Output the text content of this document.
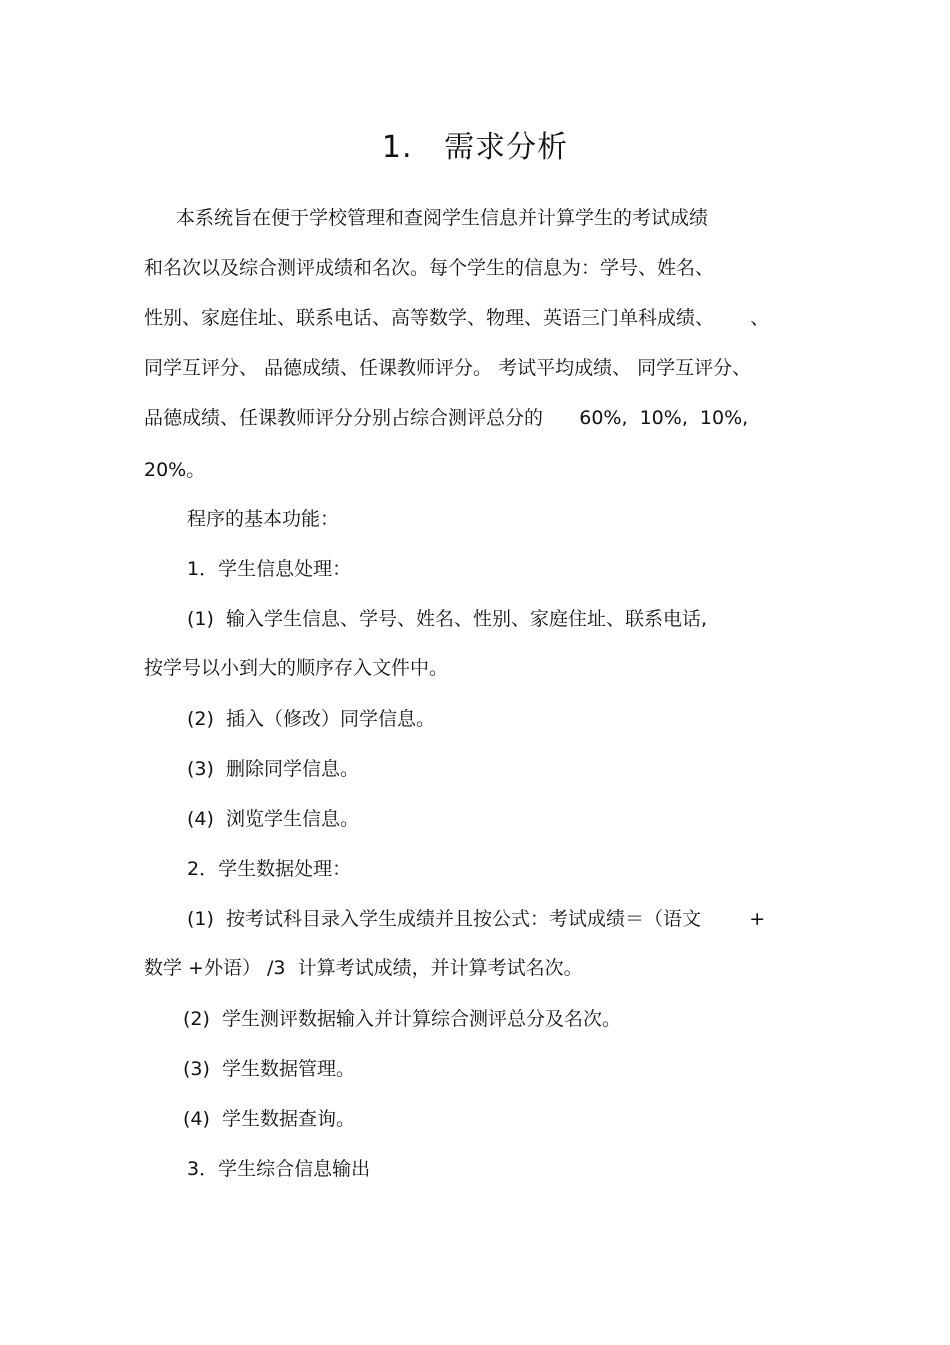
1.   需求分析
本系统旨在便于学校管理和查阅学生信息并计算学生的考试成绩
和名次以及综合测评成绩和名次。每个学生的信息为：学号、姓名、
性别、家庭住址、联系电话、高等数学、物理、英语三门单科成绩、      、
同学互评分、 品德成绩、任课教师评分。 考试平均成绩、 同学互评分、
品德成绩、任课教师评分分别占综合测评总分的      60%,  10%,  10%,
20%。
程序的基本功能：
1．学生信息处理：
(1)  输入学生信息、学号、姓名、性别、家庭住址、联系电话,
按学号以小到大的顺序存入文件中。
(2)  插入（修改）同学信息。
(3)  删除同学信息。
(4)  浏览学生信息。
2．学生数据处理：
(1)  按考试科目录入学生成绩并且按公式：考试成绩＝（语文        +
数学 +外语） /3  计算考试成绩，并计算考试名次。
(2)  学生测评数据输入并计算综合测评总分及名次。
(3)  学生数据管理。
(4)  学生数据查询。
3．学生综合信息输出
